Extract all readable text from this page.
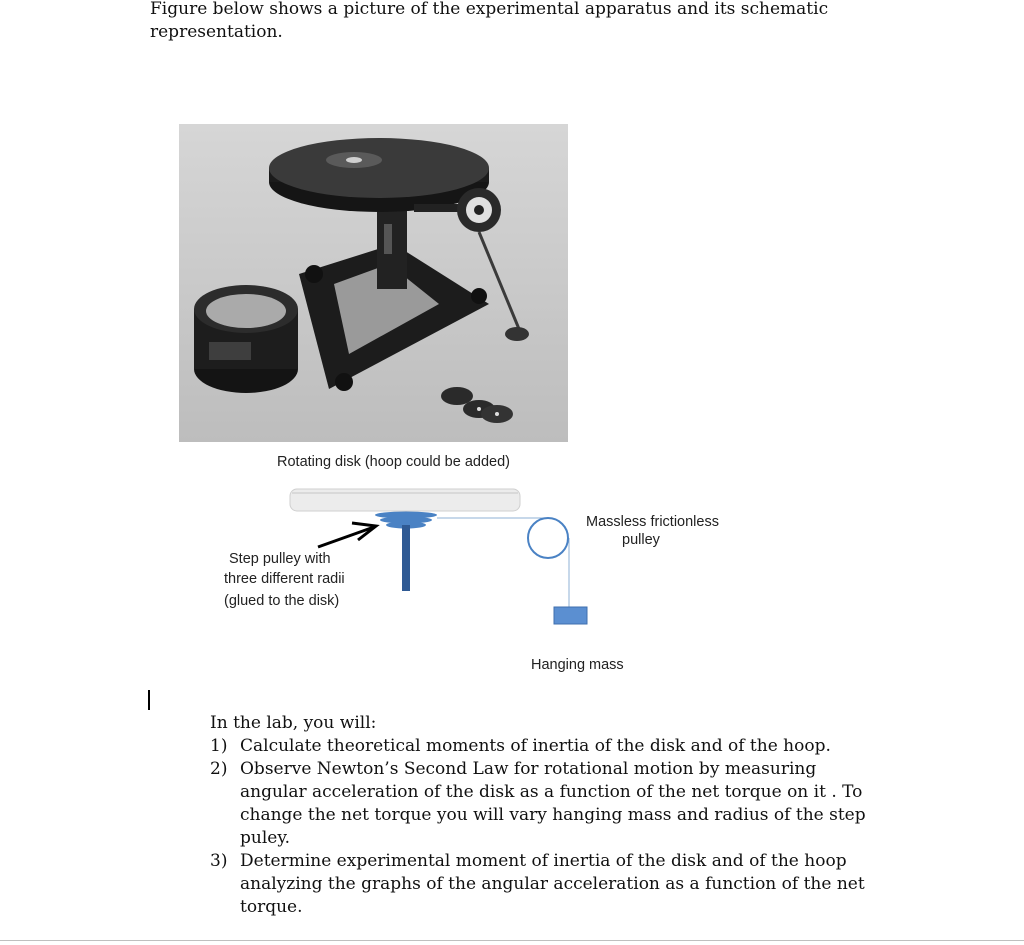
Figure below shows a picture of the experimental apparatus and its schematic
representation.
Rotating disk (hoop could be added)
Step pulley with
three different radii
(glued to the disk)
Massless frictionless
pulley
Hanging mass
In the lab, you will:
1) Calculate theoretical moments of inertia of the disk and of the hoop.
2) Observe Newton’s Second Law for rotational motion by measuring
angular acceleration of the disk as a function of the net torque on it . To
change the net torque you will vary hanging mass and radius of the step
puley.
3) Determine experimental moment of inertia of the disk and of the hoop
analyzing the graphs of the angular acceleration as a function of the net
torque.
